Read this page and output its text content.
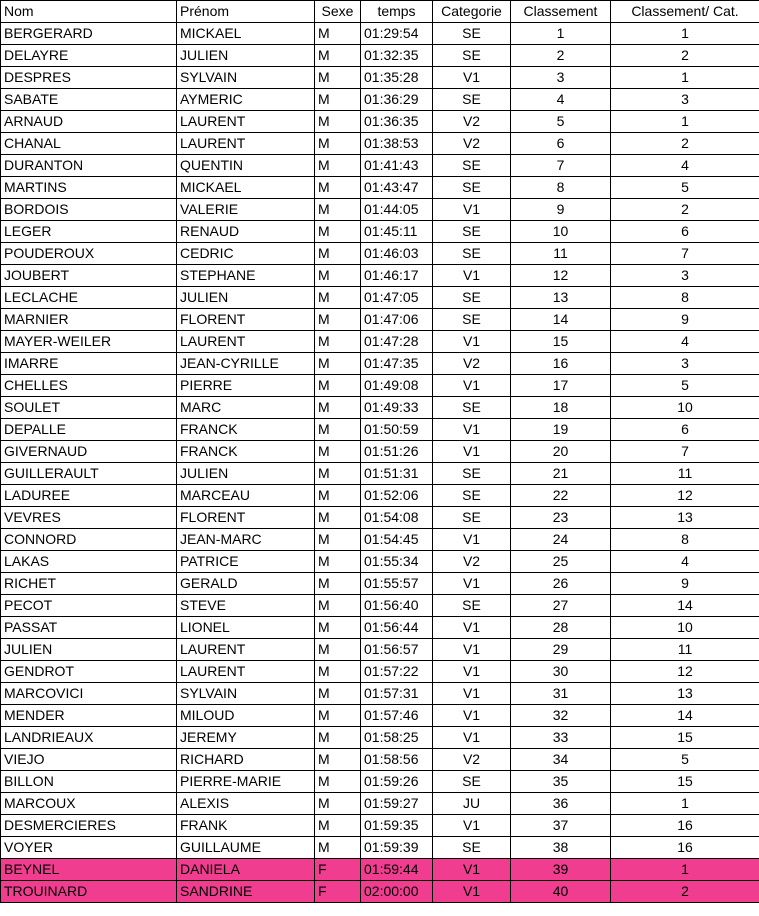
Nom	Prénom	Sexe	temps	Categorie	Classement	Classement/ Cat.
BERGERARD	MICKAEL	M	01:29:54	SE	1	1
DELAYRE	JULIEN	M	01:32:35	SE	2	2
DESPRES	SYLVAIN	M	01:35:28	V1	3	1
SABATE	AYMERIC	M	01:36:29	SE	4	3
ARNAUD	LAURENT	M	01:36:35	V2	5	1
CHANAL	LAURENT	M	01:38:53	V2	6	2
DURANTON	QUENTIN	M	01:41:43	SE	7	4
MARTINS	MICKAEL	M	01:43:47	SE	8	5
BORDOIS	VALERIE	M	01:44:05	V1	9	2
LEGER	RENAUD	M	01:45:11	SE	10	6
POUDEROUX	CEDRIC	M	01:46:03	SE	11	7
JOUBERT	STEPHANE	M	01:46:17	V1	12	3
LECLACHE	JULIEN	M	01:47:05	SE	13	8
MARNIER	FLORENT	M	01:47:06	SE	14	9
MAYER-WEILER	LAURENT	M	01:47:28	V1	15	4
IMARRE	JEAN-CYRILLE	M	01:47:35	V2	16	3
CHELLES	PIERRE	M	01:49:08	V1	17	5
SOULET	MARC	M	01:49:33	SE	18	10
DEPALLE	FRANCK	M	01:50:59	V1	19	6
GIVERNAUD	FRANCK	M	01:51:26	V1	20	7
GUILLERAULT	JULIEN	M	01:51:31	SE	21	11
LADUREE	MARCEAU	M	01:52:06	SE	22	12
VEVRES	FLORENT	M	01:54:08	SE	23	13
CONNORD	JEAN-MARC	M	01:54:45	V1	24	8
LAKAS	PATRICE	M	01:55:34	V2	25	4
RICHET	GERALD	M	01:55:57	V1	26	9
PECOT	STEVE	M	01:56:40	SE	27	14
PASSAT	LIONEL	M	01:56:44	V1	28	10
JULIEN	LAURENT	M	01:56:57	V1	29	11
GENDROT	LAURENT	M	01:57:22	V1	30	12
MARCOVICI	SYLVAIN	M	01:57:31	V1	31	13
MENDER	MILOUD	M	01:57:46	V1	32	14
LANDRIEAUX	JEREMY	M	01:58:25	V1	33	15
VIEJO	RICHARD	M	01:58:56	V2	34	5
BILLON	PIERRE-MARIE	M	01:59:26	SE	35	15
MARCOUX	ALEXIS	M	01:59:27	JU	36	1
DESMERCIERES	FRANK	M	01:59:35	V1	37	16
VOYER	GUILLAUME	M	01:59:39	SE	38	16
BEYNEL	DANIELA	F	01:59:44	V1	39	1
TROUINARD	SANDRINE	F	02:00:00	V1	40	2
